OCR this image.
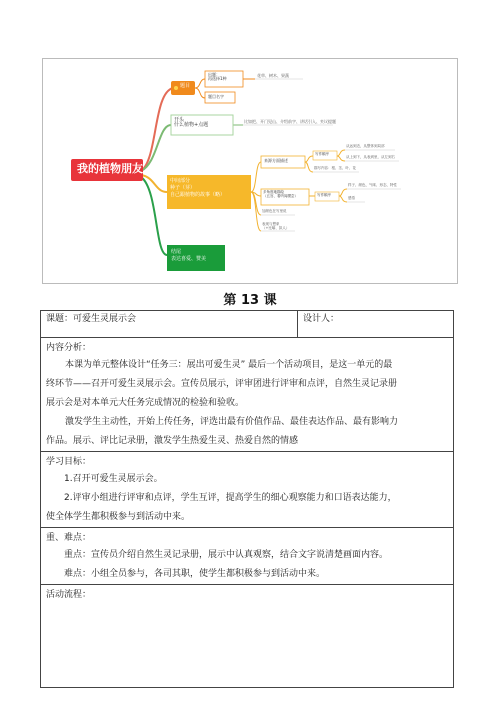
我的植物朋友
题目
出题：
再选择1种
花草、树木、果蔬
题目名字
开头
什么植物+点题
比如把、开门见山、介绍前字、讲话引入、夹议提题
中间部分
种子（芽）
自己跟植物的故事（略）
来源方面描述
写作顺序
从远到近，从整体到局部
从上到下，从表到里，从左到右
描写内容：根、茎、叶、花
多角度地描绘
（五官、看听闻摸尝）	写作顺序
样子、颜色、气味、形态、特性
感悟
加颜色在写里说
表现与想象
（+比喻、拟人）
结尾
表达喜爱、赞美
第 13 课
课题：可爱生灵展示会	设计人：

内容分析：

本课为单元整体设计“任务三：展出可爱生灵” 最后一个活动项目，是这一单元的最

终环节——召开可爱生灵展示会。宣传员展示，评审团进行评审和点评，自然生灵记录册

展示会是对本单元大任务完成情况的检验和验收。

激发学生主动性，开始上传任务，评选出最有价值作品、最佳表达作品、最有影响力

作品。展示、评比记录册，激发学生热爱生灵、热爱自然的情感

学习目标：

1.召开可爱生灵展示会。

2.评审小组进行评审和点评，学生互评，提高学生的细心观察能力和口语表达能力，

使全体学生都积极参与到活动中来。

重、难点：

重点：宣传员介绍自然生灵记录册，展示中认真观察，结合文字说清楚画面内容。

难点：小组全员参与，各司其职，使学生都积极参与到活动中来。

活动流程：
